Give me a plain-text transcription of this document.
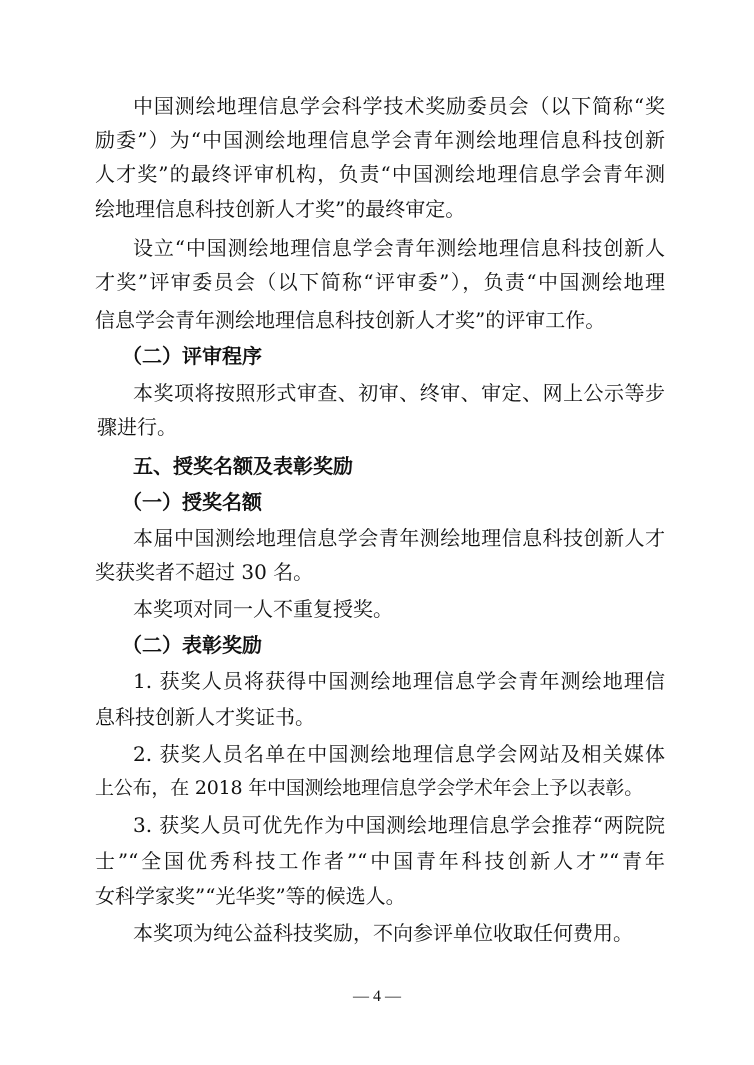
中国测绘地理信息学会科学技术奖励委员会（以下简称“奖
励委”）为“中国测绘地理信息学会青年测绘地理信息科技创新
人才奖”的最终评审机构，负责“中国测绘地理信息学会青年测
绘地理信息科技创新人才奖”的最终审定。
设立“中国测绘地理信息学会青年测绘地理信息科技创新人
才奖”评审委员会（以下简称“评审委”），负责“中国测绘地理
信息学会青年测绘地理信息科技创新人才奖”的评审工作。
（二）评审程序
本奖项将按照形式审查、初审、终审、审定、网上公示等步
骤进行。
五、授奖名额及表彰奖励
（一）授奖名额
本届中国测绘地理信息学会青年测绘地理信息科技创新人才
奖获奖者不超过 30 名。
本奖项对同一人不重复授奖。
（二）表彰奖励
1. 获奖人员将获得中国测绘地理信息学会青年测绘地理信
息科技创新人才奖证书。
2. 获奖人员名单在中国测绘地理信息学会网站及相关媒体
上公布，在 2018 年中国测绘地理信息学会学术年会上予以表彰。
3. 获奖人员可优先作为中国测绘地理信息学会推荐“两院院
士”“全国优秀科技工作者”“中国青年科技创新人才”“青年
女科学家奖”“光华奖”等的候选人。
本奖项为纯公益科技奖励，不向参评单位收取任何费用。
— 4 —
